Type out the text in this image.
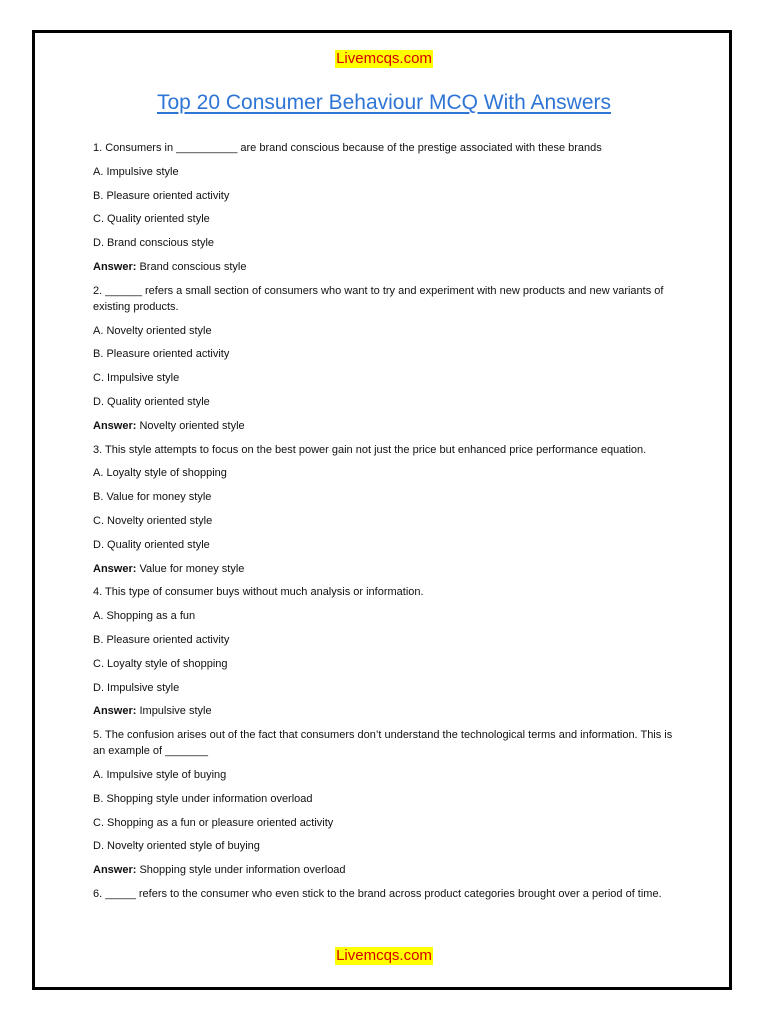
Livemcqs.com
Top 20 Consumer Behaviour MCQ With Answers

1. Consumers in __________ are brand conscious because of the prestige associated with these brands

A. Impulsive style

B. Pleasure oriented activity

C. Quality oriented style

D. Brand conscious style

Answer: Brand conscious style

2. ______ refers a small section of consumers who want to try and experiment with new products and new variants of existing products.

A. Novelty oriented style

B. Pleasure oriented activity

C. Impulsive style

D. Quality oriented style

Answer: Novelty oriented style

3. This style attempts to focus on the best power gain not just the price but enhanced price performance equation.

A. Loyalty style of shopping

B. Value for money style

C. Novelty oriented style

D. Quality oriented style

Answer: Value for money style

4. This type of consumer buys without much analysis or information.

A. Shopping as a fun

B. Pleasure oriented activity

C. Loyalty style of shopping

D. Impulsive style

Answer: Impulsive style

5. The confusion arises out of the fact that consumers don’t understand the technological terms and information. This is an example of _______

A. Impulsive style of buying

B. Shopping style under information overload

C. Shopping as a fun or pleasure oriented activity

D. Novelty oriented style of buying

Answer: Shopping style under information overload

6. _____ refers to the consumer who even stick to the brand across product categories brought over a period of time.

Livemcqs.com
